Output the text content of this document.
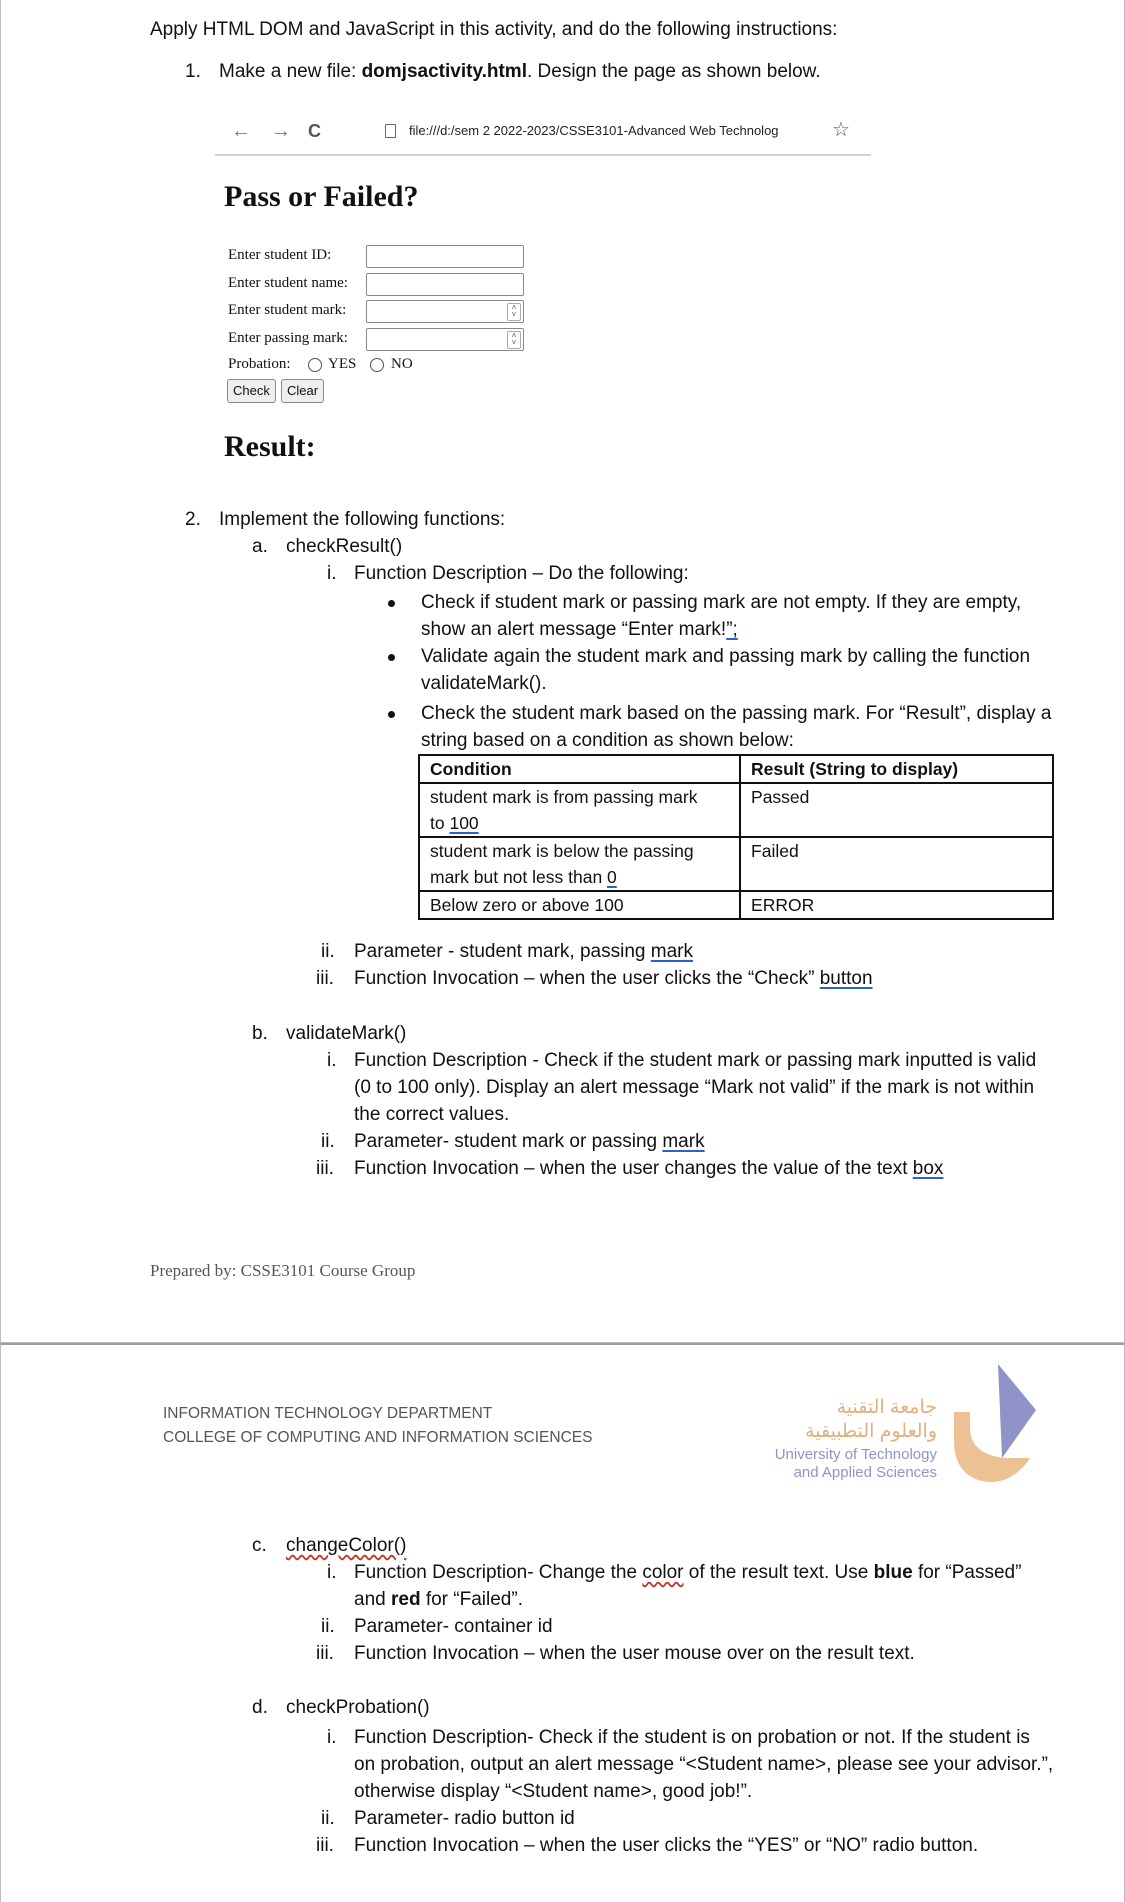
Apply HTML DOM and JavaScript in this activity, and do the following instructions:
1. Make a new file: domjsactivity.html. Design the page as shown below.
← → C	file:///d:/sem 2 2022-2023/CSSE3101-Advanced Web Technolog	☆
Pass or Failed?
Enter student ID:
Enter student name:
Enter student mark:	˄
˅
Enter passing mark:	˄
˅
Probation:	YES NO
Check	Clear
Result:
2. Implement the following functions:
a. checkResult()
i. Function Description – Do the following:
Check if student mark or passing mark are not empty. If they are empty,
show an alert message “Enter mark!”;
Validate again the student mark and passing mark by calling the function
validateMark().
Check the student mark based on the passing mark. For “Result”, display a
string based on a condition as shown below:
Condition	Result (String to display)
student mark is from passing mark
to 100	Passed
student mark is below the passing
mark but not less than 0	Failed
Below zero or above 100	ERROR
ii. Parameter - student mark, passing mark
iii. Function Invocation – when the user clicks the “Check” button
b. validateMark()
i. Function Description - Check if the student mark or passing mark inputted is valid
(0 to 100 only). Display an alert message “Mark not valid” if the mark is not within
the correct values.
ii. Parameter- student mark or passing mark
iii. Function Invocation – when the user changes the value of the text box
Prepared by: CSSE3101 Course Group
INFORMATION TECHNOLOGY DEPARTMENT
COLLEGE OF COMPUTING AND INFORMATION SCIENCES
جامعة التقنية
والعلوم التطبيقية
University of Technology
and Applied Sciences
c. changeColor()
i. Function Description- Change the color of the result text. Use blue for “Passed”
and red for “Failed”.
ii. Parameter- container id
iii. Function Invocation – when the user mouse over on the result text.
d. checkProbation()
i. Function Description- Check if the student is on probation or not. If the student is
on probation, output an alert message “<Student name>, please see your advisor.”,
otherwise display “<Student name>, good job!”.
ii. Parameter- radio button id
iii. Function Invocation – when the user clicks the “YES” or “NO” radio button.
